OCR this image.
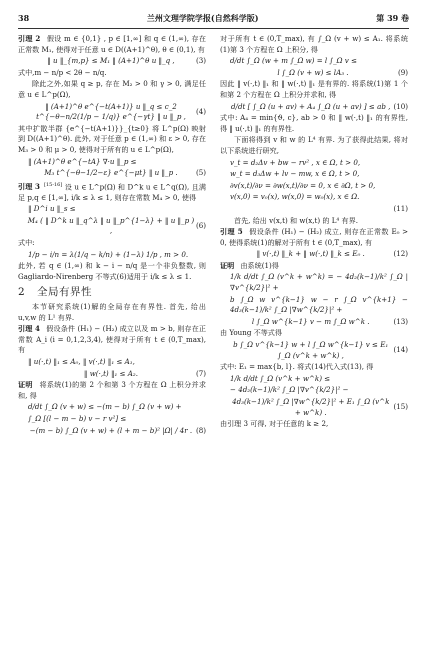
38	兰州文理学院学报(自然科学版)	第 39 卷

引理 2 假设 m ∈ {0,1} , p ∈ [1,∞] 和 q ∈ (1,∞), 存在正常数 M₁, 使得对于任意 u ∈ D((A+1)^θ), θ ∈ (0,1), 有

‖ u ‖_{m,p} ≤ M₁ ‖ (A+1)^θ u ‖_q ,	(3)

式中,m − n/p < 2θ − n/q.

除此之外,如果 q ≥ p, 存在 M₂ > 0 和 γ > 0, 满足任意 u ∈ L^p(Ω),

‖ (A+1)^θ e^{−t(A+1)} u ‖_q ≤ c_2 t^{−θ−n/2(1/p − 1/q)} e^{−γt} ‖ u ‖_p ,
(4)

其中扩散半群 {e^{−t(A+1)}}_{t≥0} 将 L^p(Ω) 映射到 D((A+1)^θ). 此外, 对于任意 p ∈ (1,∞) 和 ε > 0, 存在 M₃ > 0 和 μ > 0, 使得对于所有的 u ∈ L^p(Ω),

‖ (A+1)^θ e^{−tA} ∇·u ‖_p ≤
M₃ t^{−θ−1/2−ε} e^{−μt} ‖ u ‖_p .	(5)

引理 3 [15-16] 设 u ∈ L^p(Ω) 和 D^k u ∈ L^q(Ω), 且满足 p,q ∈ [1,∞], i/k ≤ λ ≤ 1, 则存在常数 M₄ > 0, 使得

‖ D^i u ‖_s ≤
M₄ ( ‖ D^k u ‖_q^λ ‖ u ‖_p^{1−λ} + ‖ u ‖_p ) ,
(6)

式中:

1/p − i/n = λ(1/q − k/n) + (1−λ) 1/p , m > 0.

此外, 若 q ∈ (1,∞) 和 k − i − n/q 是一个非负整数, 则 Gagliardo-Nirenberg 不等式(6)适用于 i/k ≤ λ ≤ 1.

2 全局有界性

本节研究系统(1)解的全局存在有界性. 首先, 给出 u,v,w 的 L¹ 有界.

引理 4 假设条件 (H₁) − (H₂) 成立以及 m > b, 则存在正常数 A_i (i = 0,1,2,3,4), 使得对于所有 t ∈ (0,T_max), 有

‖ u(·,t) ‖₁ ≤ A₀, ‖ v(·,t) ‖₁ ≤ A₁,
‖ w(·,t) ‖₁ ≤ A₂.	(7)

证明 将系统(1)的第 2 个和第 3 个方程在 Ω 上积分并求和, 得

d/dt ∫_Ω (v + w) ≤ −(m − b) ∫_Ω (v + w) +
∫_Ω [(l − m − b) v − r v²] ≤
−(m − b) ∫_Ω (v + w) + (l + m − b)² |Ω| / 4r . (8)

对于所有 t ∈ (0,T_max), 有 ∫_Ω (v + w) ≤ A₁. 将系统(1)第 3 个方程在 Ω 上积分, 得

d/dt ∫_Ω (w + m ∫_Ω w) = l ∫_Ω v ≤
l ∫_Ω (v + w) ≤ lA₃ .	(9)

因此 ‖ v(·,t) ‖₁ 和 ‖ w(·,t) ‖₁ 是有界的. 将系统(1)第 1 个和第 2 个方程在 Ω 上积分并求和, 得

d/dt [ ∫_Ω (u + av) + A₄ ∫_Ω (u + av) ] ≤ ab , (10)

式中: A₄ = min{ϑ, c}, ab > 0 和 ‖ w(·,t) ‖₁ 的有界性, 得 ‖ u(·,t) ‖₁ 的有界性.

下面将得到 v 和 w 的 L⁴ 有界. 为了获得此结果, 将对以下系统进行研究,

v_t = d₂Δv + bw − rv² , x ∈ Ω, t > 0,
w_t = d₃Δw + lv − mw, x ∈ Ω, t > 0,
∂v(x,t)/∂ν = ∂w(x,t)/∂ν = 0, x ∈ ∂Ω, t > 0,
v(x,0) = v₀(x), w(x,0) = w₀(x), x ∈ Ω.
(11)

首先, 给出 v(x,t) 和 w(x,t) 的 L⁴ 有界.

引理 5 假设条件 (H₁) − (H₂) 成立, 则存在正常数 E₀ > 0, 使得系统(1)的解对于所有 t ∈ (0,T_max), 有

‖ v(·,t) ‖_k + ‖ w(·,t) ‖_k ≤ E₀ .	(12)

证明 由系统(1)得

1/k d/dt ∫_Ω (v^k + w^k) = − 4d₂(k−1)/k² ∫_Ω |∇v^{k/2}|² +
b ∫_Ω w v^{k−1} w − r ∫_Ω v^{k+1} − 4d₃(k−1)/k² ∫_Ω |∇w^{k/2}|² +
l ∫_Ω w^{k−1} v − m ∫_Ω w^k .	(13)

由 Young 不等式得

b ∫_Ω v^{k−1} w + l ∫_Ω w^{k−1} v ≤ E₁ ∫_Ω (v^k + w^k) ,
(14)

式中: E₁ = max{b, l}. 将式(14)代入式(13), 得

1/k d/dt ∫_Ω (v^k + w^k) ≤
− 4d₂(k−1)/k² ∫_Ω |∇v^{k/2}|² −
4d₃(k−1)/k² ∫_Ω |∇w^{k/2}|² + E₁ ∫_Ω (v^k + w^k) .
(15)

由引理 3 可得, 对于任意的 k ≥ 2,
